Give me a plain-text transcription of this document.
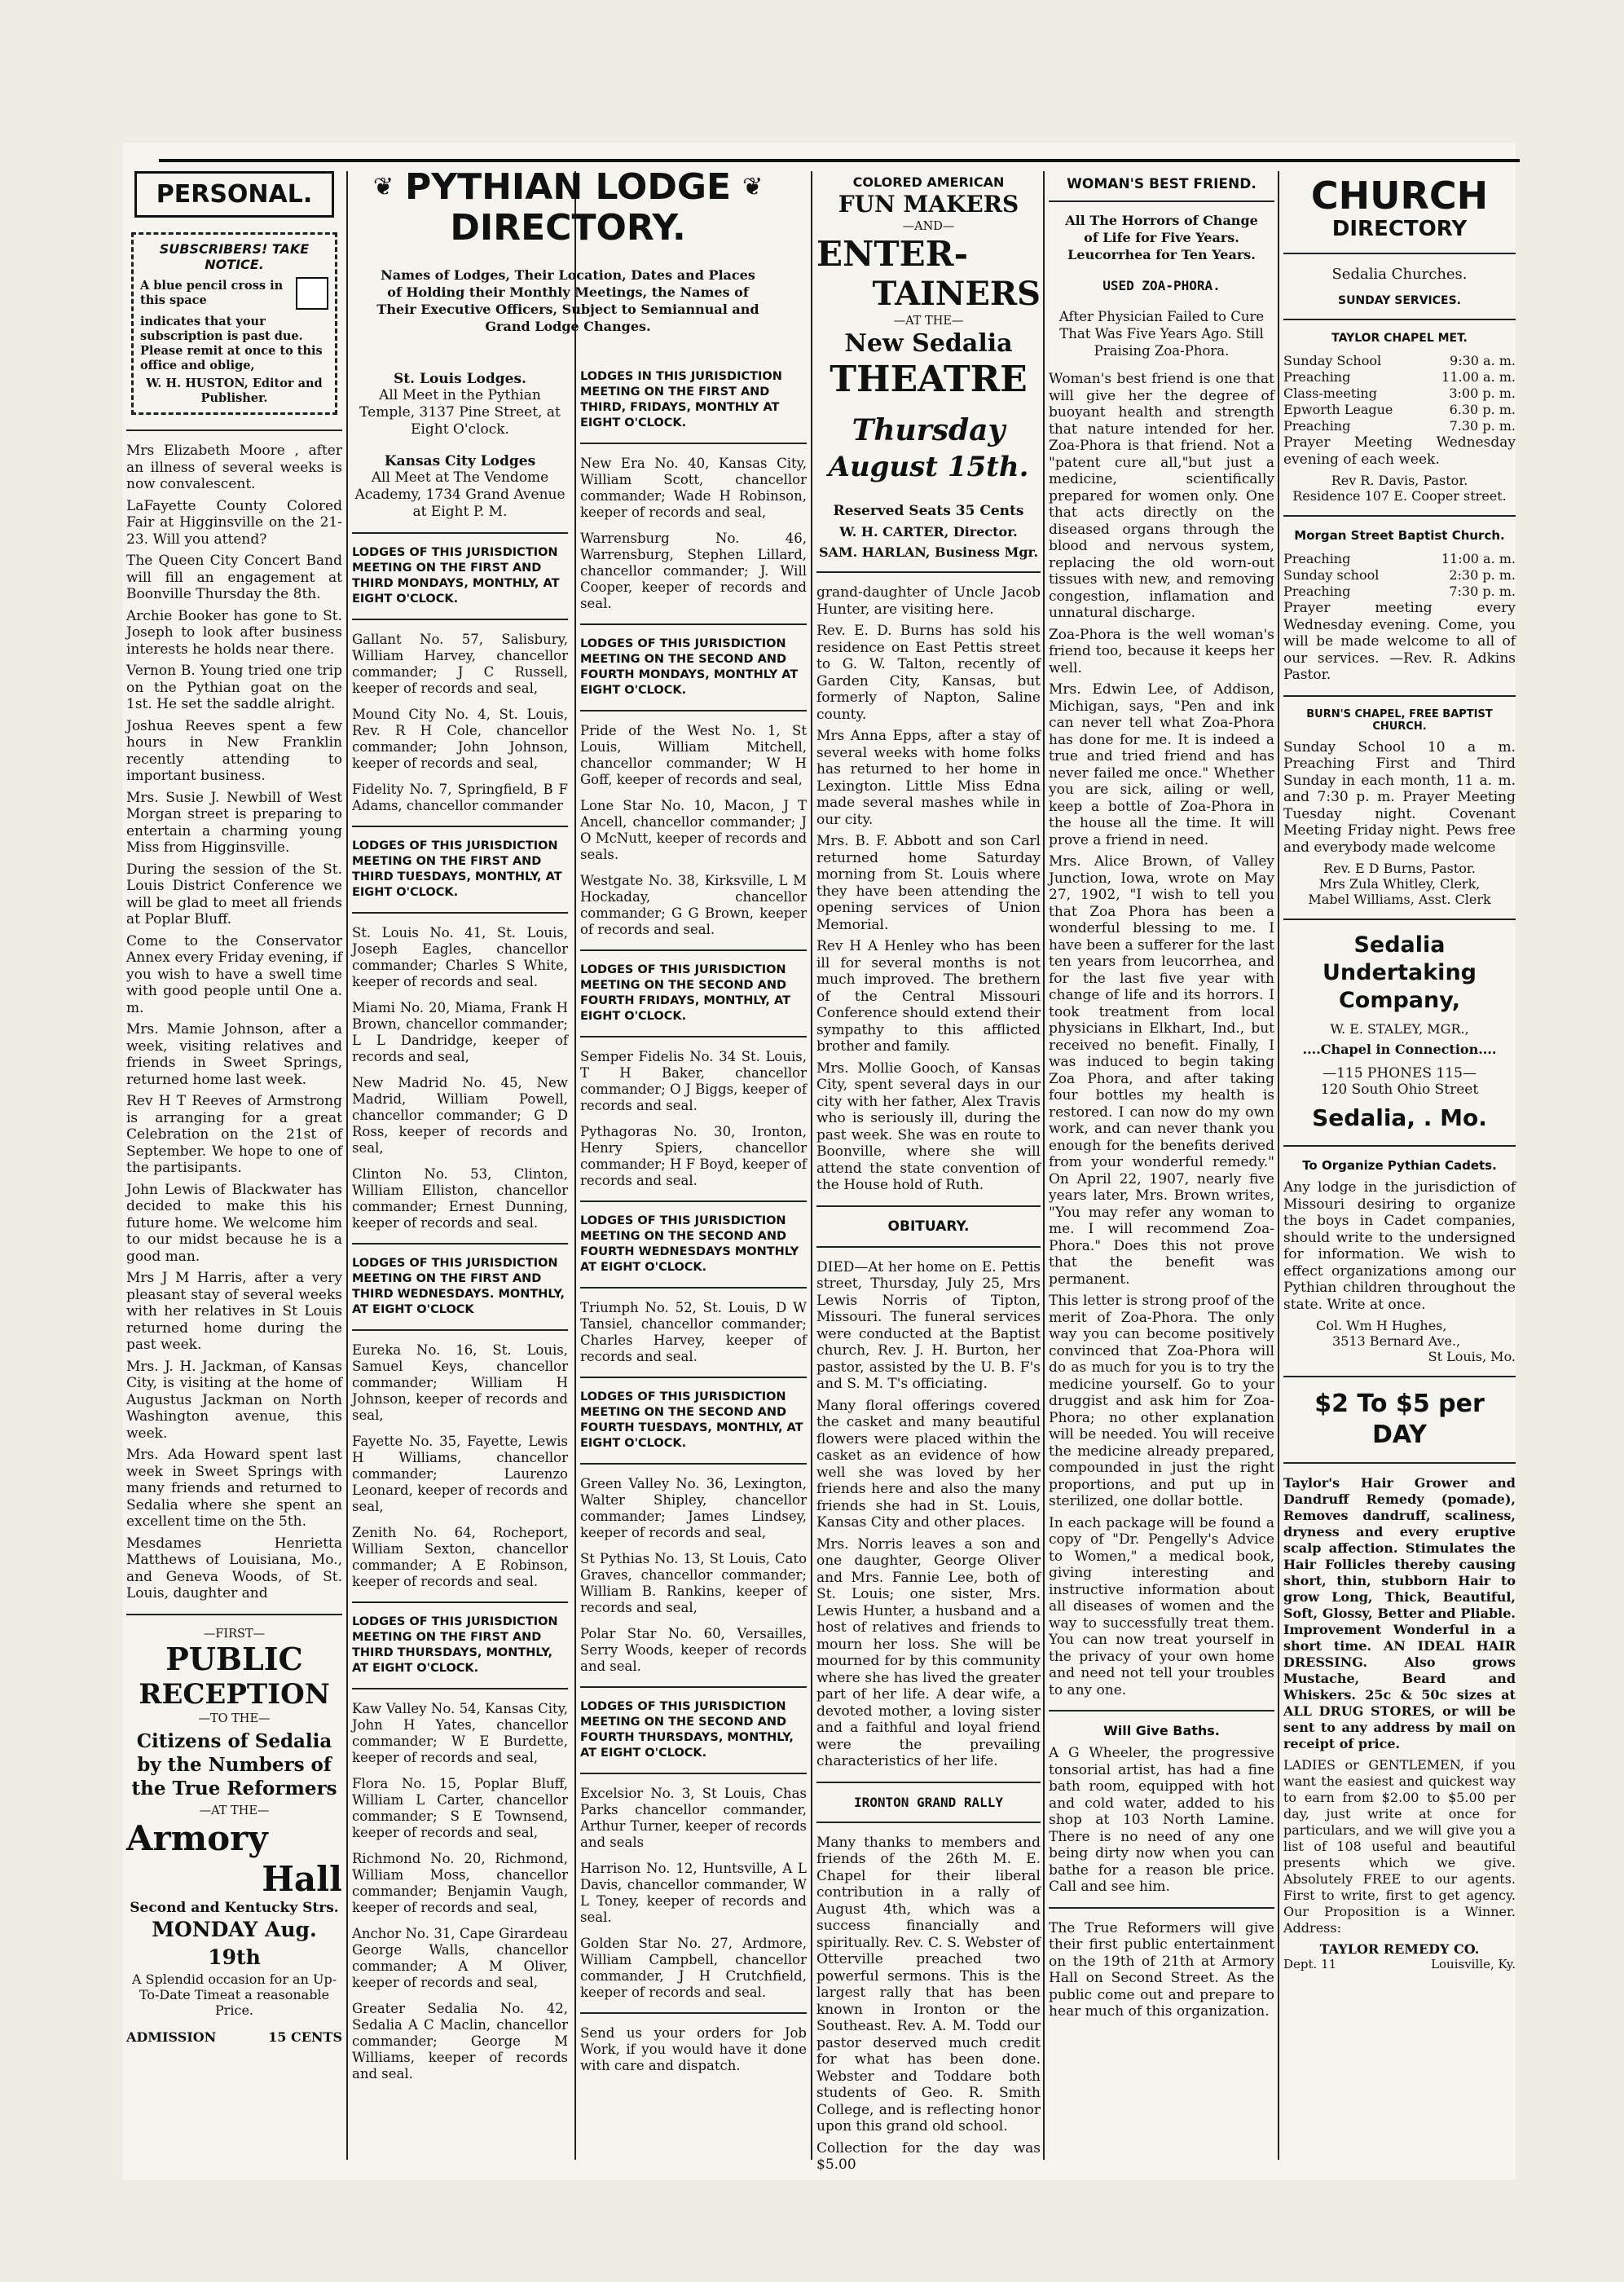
PERSONAL.
SUBSCRIBERS! TAKE NOTICE.
A blue pencil cross in this space
indicates that your subscription is past due. Please remit at once to this office and oblige,
W. H. HUSTON, Editor and Publisher.

Mrs Elizabeth Moore , after an illness of several weeks is now convalescent.

LaFayette County Colored Fair at Higginsville on the 21-23. Will you attend?

The Queen City Concert Band will fill an engagement at Boonville Thursday the 8th.

Archie Booker has gone to St. Joseph to look after business interests he holds near there.

Vernon B. Young tried one trip on the Pythian goat on the 1st. He set the saddle alright.

Joshua Reeves spent a few hours in New Franklin recently attending to important business.

Mrs. Susie J. Newbill of West Morgan street is preparing to entertain a charming young Miss from Higginsville.

During the session of the St. Louis District Conference we will be glad to meet all friends at Poplar Bluff.

Come to the Conservator Annex every Friday evening, if you wish to have a swell time with good people until One a. m.

Mrs. Mamie Johnson, after a week, visiting relatives and friends in Sweet Springs, returned home last week.

Rev H T Reeves of Armstrong is arranging for a great Celebration on the 21st of September. We hope to one of the partisipants.

John Lewis of Blackwater has decided to make this his future home. We welcome him to our midst because he is a good man.

Mrs J M Harris, after a very pleasant stay of several weeks with her relatives in St Louis returned home during the past week.

Mrs. J. H. Jackman, of Kansas City, is visiting at the home of Augustus Jackman on North Washington avenue, this week.

Mrs. Ada Howard spent last week in Sweet Springs with many friends and returned to Sedalia where she spent an excellent time on the 5th.

Mesdames Henrietta Matthews of Louisiana, Mo., and Geneva Woods, of St. Louis, daughter and

—FIRST—
PUBLIC
RECEPTION
—TO THE—
Citizens of Sedalia by the Numbers of the True Reformers
—AT THE—
Armory
Hall
Second and Kentucky Strs.
MONDAY Aug. 19th
A Splendid occasion for an Up-To-Date Timeat a reasonable Price.
ADMISSION	15 CENTS
❦ PYTHIAN LODGE ❦
DIRECTORY.
Names of Lodges, Their Location, Dates and Places of Holding their Monthly Meetings, the Names of Their Executive Officers, Subject to Semiannual and Grand Lodge Changes.
St. Louis Lodges.
All Meet in the Pythian Temple, 3137 Pine Street, at Eight O'clock.
Kansas City Lodges
All Meet at The Vendome Academy, 1734 Grand Avenue at Eight P. M.
LODGES OF THIS JURISDICTION MEETING ON THE FIRST AND THIRD MONDAYS, MONTHLY, AT EIGHT O'CLOCK.
Gallant No. 57, Salisbury, William Harvey, chancellor commander; J C Russell, keeper of records and seal,
Mound City No. 4, St. Louis, Rev. R H Cole, chancellor commander; John Johnson, keeper of records and seal,
Fidelity No. 7, Springfield, B F Adams, chancellor commander
LODGES OF THIS JURISDICTION MEETING ON THE FIRST AND THIRD TUESDAYS, MONTHLY, AT EIGHT O'CLOCK.
St. Louis No. 41, St. Louis, Joseph Eagles, chancellor commander; Charles S White, keeper of records and seal.
Miami No. 20, Miama, Frank H Brown, chancellor commander; L L Dandridge, keeper of records and seal,
New Madrid No. 45, New Madrid, William Powell, chancellor commander; G D Ross, keeper of records and seal,
Clinton No. 53, Clinton, William Elliston, chancellor commander; Ernest Dunning, keeper of records and seal.
LODGES OF THIS JURISDICTION MEETING ON THE FIRST AND THIRD WEDNESDAYS. MONTHLY, AT EIGHT O'CLOCK
Eureka No. 16, St. Louis, Samuel Keys, chancellor commander; William H Johnson, keeper of records and seal,
Fayette No. 35, Fayette, Lewis H Williams, chancellor commander; Laurenzo Leonard, keeper of records and seal,
Zenith No. 64, Rocheport, William Sexton, chancellor commander; A E Robinson, keeper of records and seal.
LODGES OF THIS JURISDICTION MEETING ON THE FIRST AND THIRD THURSDAYS, MONTHLY, AT EIGHT O'CLOCK.
Kaw Valley No. 54, Kansas City, John H Yates, chancellor commander; W E Burdette, keeper of records and seal,
Flora No. 15, Poplar Bluff, William L Carter, chancellor commander; S E Townsend, keeper of records and seal,
Richmond No. 20, Richmond, William Moss, chancellor commander; Benjamin Vaugh, keeper of records and seal,
Anchor No. 31, Cape Girardeau George Walls, chancellor commander; A M Oliver, keeper of records and seal,
Greater Sedalia No. 42, Sedalia A C Maclin, chancellor commander; George M Williams, keeper of records and seal.
LODGES IN THIS JURISDICTION MEETING ON THE FIRST AND THIRD, FRIDAYS, MONTHLY AT EIGHT O'CLOCK.
New Era No. 40, Kansas City, William Scott, chancellor commander; Wade H Robinson, keeper of records and seal,
Warrensburg No. 46, Warrensburg, Stephen Lillard, chancellor commander; J. Will Cooper, keeper of records and seal.
LODGES OF THIS JURISDICTION MEETING ON THE SECOND AND FOURTH MONDAYS, MONTHLY AT EIGHT O'CLOCK.
Pride of the West No. 1, St Louis, William Mitchell, chancellor commander; W H Goff, keeper of records and seal,
Lone Star No. 10, Macon, J T Ancell, chancellor commander; J O McNutt, keeper of records and seals.
Westgate No. 38, Kirksville, L M Hockaday, chancellor commander; G G Brown, keeper of records and seal.
LODGES OF THIS JURISDICTION MEETING ON THE SECOND AND FOURTH FRIDAYS, MONTHLY, AT EIGHT O'CLOCK.
Semper Fidelis No. 34 St. Louis, T H Baker, chancellor commander; O J Biggs, keeper of records and seal.
Pythagoras No. 30, Ironton, Henry Spiers, chancellor commander; H F Boyd, keeper of records and seal.
LODGES OF THIS JURISDICTION MEETING ON THE SECOND AND FOURTH WEDNESDAYS MONTHLY AT EIGHT O'CLOCK.
Triumph No. 52, St. Louis, D W Tansiel, chancellor commander; Charles Harvey, keeper of records and seal.
LODGES OF THIS JURISDICTION MEETING ON THE SECOND AND FOURTH TUESDAYS, MONTHLY, AT EIGHT O'CLOCK.
Green Valley No. 36, Lexington, Walter Shipley, chancellor commander; James Lindsey, keeper of records and seal,
St Pythias No. 13, St Louis, Cato Graves, chancellor commander; William B. Rankins, keeper of records and seal,
Polar Star No. 60, Versailles, Serry Woods, keeper of records and seal.
LODGES OF THIS JURISDICTION MEETING ON THE SECOND AND FOURTH THURSDAYS, MONTHLY, AT EIGHT O'CLOCK.
Excelsior No. 3, St Louis, Chas Parks chancellor commander, Arthur Turner, keeper of records and seals
Harrison No. 12, Huntsville, A L Davis, chancellor commander, W L Toney, keeper of records and seal.
Golden Star No. 27, Ardmore, William Campbell, chancellor commander, J H Crutchfield, keeper of records and seal.
Send us your orders for Job Work, if you would have it done with care and dispatch.
COLORED AMERICAN
FUN MAKERS
—AND—
ENTER-
TAINERS
—AT THE—
New Sedalia
THEATRE
Thursday
August 15th.
Reserved Seats 35 Cents
W. H. CARTER, Director.
SAM. HARLAN, Business Mgr.

grand-daughter of Uncle Jacob Hunter, are visiting here.

Rev. E. D. Burns has sold his residence on East Pettis street to G. W. Talton, recently of Garden City, Kansas, but formerly of Napton, Saline county.

Mrs Anna Epps, after a stay of several weeks with home folks has returned to her home in Lexington. Little Miss Edna made several mashes while in our city.

Mrs. B. F. Abbott and son Carl returned home Saturday morning from St. Louis where they have been attending the opening services of Union Memorial.

Rev H A Henley who has been ill for several months is not much improved. The brethern of the Central Missouri Conference should extend their sympathy to this afflicted brother and family.

Mrs. Mollie Gooch, of Kansas City, spent several days in our city with her father, Alex Travis who is seriously ill, during the past week. She was en route to Boonville, where she will attend the state convention of the House hold of Ruth.

OBITUARY.

DIED—At her home on E. Pettis street, Thursday, July 25, Mrs Lewis Norris of Tipton, Missouri. The funeral services were conducted at the Baptist church, Rev. J. H. Burton, her pastor, assisted by the U. B. F's and S. M. T's officiating.

Many floral offerings covered the casket and many beautiful flowers were placed within the casket as an evidence of how well she was loved by her friends here and also the many friends she had in St. Louis, Kansas City and other places.

Mrs. Norris leaves a son and one daughter, George Oliver and Mrs. Fannie Lee, both of St. Louis; one sister, Mrs. Lewis Hunter, a husband and a host of relatives and friends to mourn her loss. She will be mourned for by this community where she has lived the greater part of her life. A dear wife, a devoted mother, a loving sister and a faithful and loyal friend were the prevailing characteristics of her life.

IRONTON GRAND RALLY

Many thanks to members and friends of the 26th M. E. Chapel for their liberal contribution in a rally of August 4th, which was a success financially and spiritually. Rev. C. S. Webster of Otterville preached two powerful sermons. This is the largest rally that has been known in Ironton or the Southeast. Rev. A. M. Todd our pastor deserved much credit for what has been done. Webster and Toddare both students of Geo. R. Smith College, and is reflecting honor upon this grand old school.

Collection for the day was $5.00

WOMAN'S BEST FRIEND.
All The Horrors of Change of Life for Five Years. Leucorrhea for Ten Years.
USED ZOA-PHORA.
After Physician Failed to Cure That Was Five Years Ago. Still Praising Zoa-Phora.

Woman's best friend is one that will give her the degree of buoyant health and strength that nature intended for her. Zoa-Phora is that friend. Not a "patent cure all,"but just a medicine, scientifically prepared for women only. One that acts directly on the diseased organs through the blood and nervous system, replacing the old worn-out tissues with new, and removing congestion, inflamation and unnatural discharge.

Zoa-Phora is the well woman's friend too, because it keeps her well.

Mrs. Edwin Lee, of Addison, Michigan, says, "Pen and ink can never tell what Zoa-Phora has done for me. It is indeed a true and tried friend and has never failed me once." Whether you are sick, ailing or well, keep a bottle of Zoa-Phora in the house all the time. It will prove a friend in need.

Mrs. Alice Brown, of Valley Junction, Iowa, wrote on May 27, 1902, "I wish to tell you that Zoa Phora has been a wonderful blessing to me. I have been a sufferer for the last ten years from leucorrhea, and for the last five year with change of life and its horrors. I took treatment from local physicians in Elkhart, Ind., but received no benefit. Finally, I was induced to begin taking Zoa Phora, and after taking four bottles my health is restored. I can now do my own work, and can never thank you enough for the benefits derived from your wonderful remedy." On April 22, 1907, nearly five years later, Mrs. Brown writes, "You may refer any woman to me. I will recommend Zoa-Phora." Does this not prove that the benefit was permanent.

This letter is strong proof of the merit of Zoa-Phora. The only way you can become positively convinced that Zoa-Phora will do as much for you is to try the medicine yourself. Go to your druggist and ask him for Zoa-Phora; no other explanation will be needed. You will receive the medicine already prepared, compounded in just the right proportions, and put up in sterilized, one dollar bottle.

In each package will be found a copy of "Dr. Pengelly's Advice to Women," a medical book, giving interesting and instructive information about all diseases of women and the way to successfully treat them. You can now treat yourself in the privacy of your own home and need not tell your troubles to any one.

Will Give Baths.

A G Wheeler, the progressive tonsorial artist, has had a fine bath room, equipped with hot and cold water, added to his shop at 103 North Lamine. There is no need of any one being dirty now when you can bathe for a reason ble price. Call and see him.

The True Reformers will give their first public entertainment on the 19th of 21th at Armory Hall on Second Street. As the public come out and prepare to hear much of this organization.

CHURCH
DIRECTORY
Sedalia Churches.
SUNDAY SERVICES.
TAYLOR CHAPEL MET.
Sunday School	9:30 a. m.
Preaching	11.00 a. m.
Class-meeting	3:00 p. m.
Epworth League	6.30 p. m.
Preaching	7.30 p. m.

Prayer Meeting Wednesday evening of each week.

Rev R. Davis, Pastor.
Residence 107 E. Cooper street.
Morgan Street Baptist Church.
Preaching	11:00 a. m.
Sunday school	2:30 p. m.
Preaching	7:30 p. m.

Prayer meeting every Wednesday evening. Come, you will be made welcome to all of our services. —Rev. R. Adkins Pastor.

BURN'S CHAPEL, FREE BAPTIST CHURCH.

Sunday School 10 a m. Preaching First and Third Sunday in each month, 11 a. m. and 7:30 p. m. Prayer Meeting Tuesday night. Covenant Meeting Friday night. Pews free and everybody made welcome

Rev. E D Burns, Pastor.
Mrs Zula Whitley, Clerk,
Mabel Williams, Asst. Clerk
Sedalia Undertaking Company,
W. E. STALEY, MGR.,
....Chapel in Connection....
—115 PHONES 115—
120 South Ohio Street
Sedalia, . Mo.
To Organize Pythian Cadets.

Any lodge in the jurisdiction of Missouri desiring to organize the boys in Cadet companies, should write to the undersigned for information. We wish to effect organizations among our Pythian children throughout the state. Write at once.

Col. Wm H Hughes,
3513 Bernard Ave.,
St Louis, Mo.
$2 To $5 per DAY

Taylor's Hair Grower and Dandruff Remedy (pomade), Removes dandruff, scaliness, dryness and every eruptive scalp affection. Stimulates the Hair Follicles thereby causing short, thin, stubborn Hair to grow Long, Thick, Beautiful, Soft, Glossy, Better and Pliable. Improvement Wonderful in a short time. AN IDEAL HAIR DRESSING. Also grows Mustache, Beard and Whiskers. 25c & 50c sizes at ALL DRUG STORES, or will be sent to any address by mail on receipt of price.

LADIES or GENTLEMEN, if you want the easiest and quickest way to earn from $2.00 to $5.00 per day, just write at once for particulars, and we will give you a list of 108 useful and beautiful presents which we give. Absolutely FREE to our agents. First to write, first to get agency. Our Proposition is a Winner. Address:

TAYLOR REMEDY CO.
Dept. 11	Louisville, Ky.
